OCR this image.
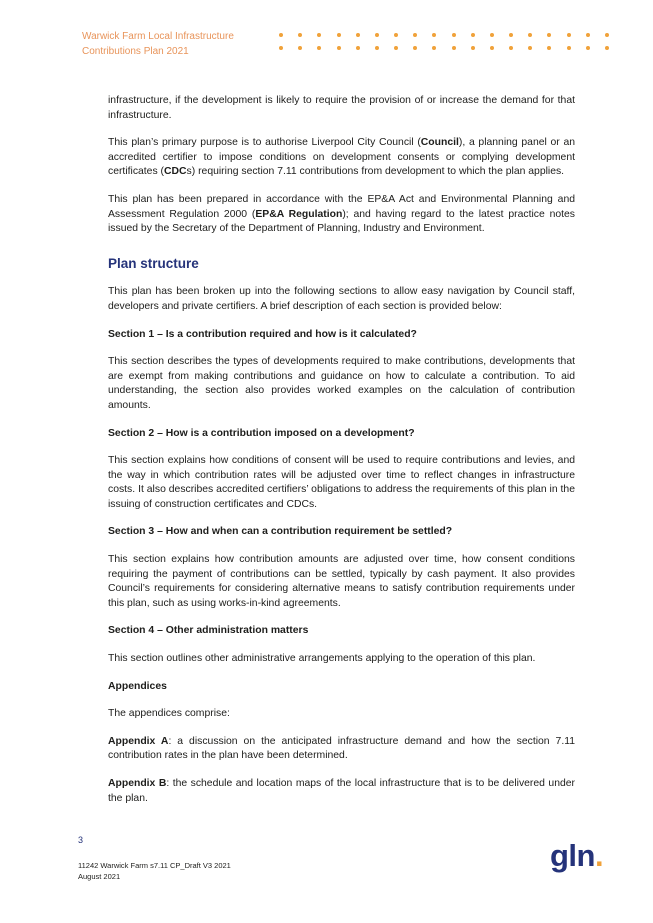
Warwick Farm Local Infrastructure
Contributions Plan 2021

infrastructure, if the development is likely to require the provision of or increase the demand for that infrastructure.

This plan’s primary purpose is to authorise Liverpool City Council (Council), a planning panel or an accredited certifier to impose conditions on development consents or complying development certificates (CDCs) requiring section 7.11 contributions from development to which the plan applies.

This plan has been prepared in accordance with the EP&A Act and Environmental Planning and Assessment Regulation 2000 (EP&A Regulation); and having regard to the latest practice notes issued by the Secretary of the Department of Planning, Industry and Environment.

Plan structure

This plan has been broken up into the following sections to allow easy navigation by Council staff, developers and private certifiers. A brief description of each section is provided below:

Section 1 – Is a contribution required and how is it calculated?

This section describes the types of developments required to make contributions, developments that are exempt from making contributions and guidance on how to calculate a contribution. To aid understanding, the section also provides worked examples on the calculation of contribution amounts.

Section 2 – How is a contribution imposed on a development?

This section explains how conditions of consent will be used to require contributions and levies, and the way in which contribution rates will be adjusted over time to reflect changes in infrastructure costs. It also describes accredited certifiers’ obligations to address the requirements of this plan in the issuing of construction certificates and CDCs.

Section 3 – How and when can a contribution requirement be settled?

This section explains how contribution amounts are adjusted over time, how consent conditions requiring the payment of contributions can be settled, typically by cash payment. It also provides Council’s requirements for considering alternative means to satisfy contribution requirements under this plan, such as using works-in-kind agreements.

Section 4 – Other administration matters

This section outlines other administrative arrangements applying to the operation of this plan.

Appendices

The appendices comprise:

Appendix A: a discussion on the anticipated infrastructure demand and how the section 7.11 contribution rates in the plan have been determined.

Appendix B: the schedule and location maps of the local infrastructure that is to be delivered under the plan.

3
11242 Warwick Farm s7.11 CP_Draft V3 2021
August 2021
gln.
